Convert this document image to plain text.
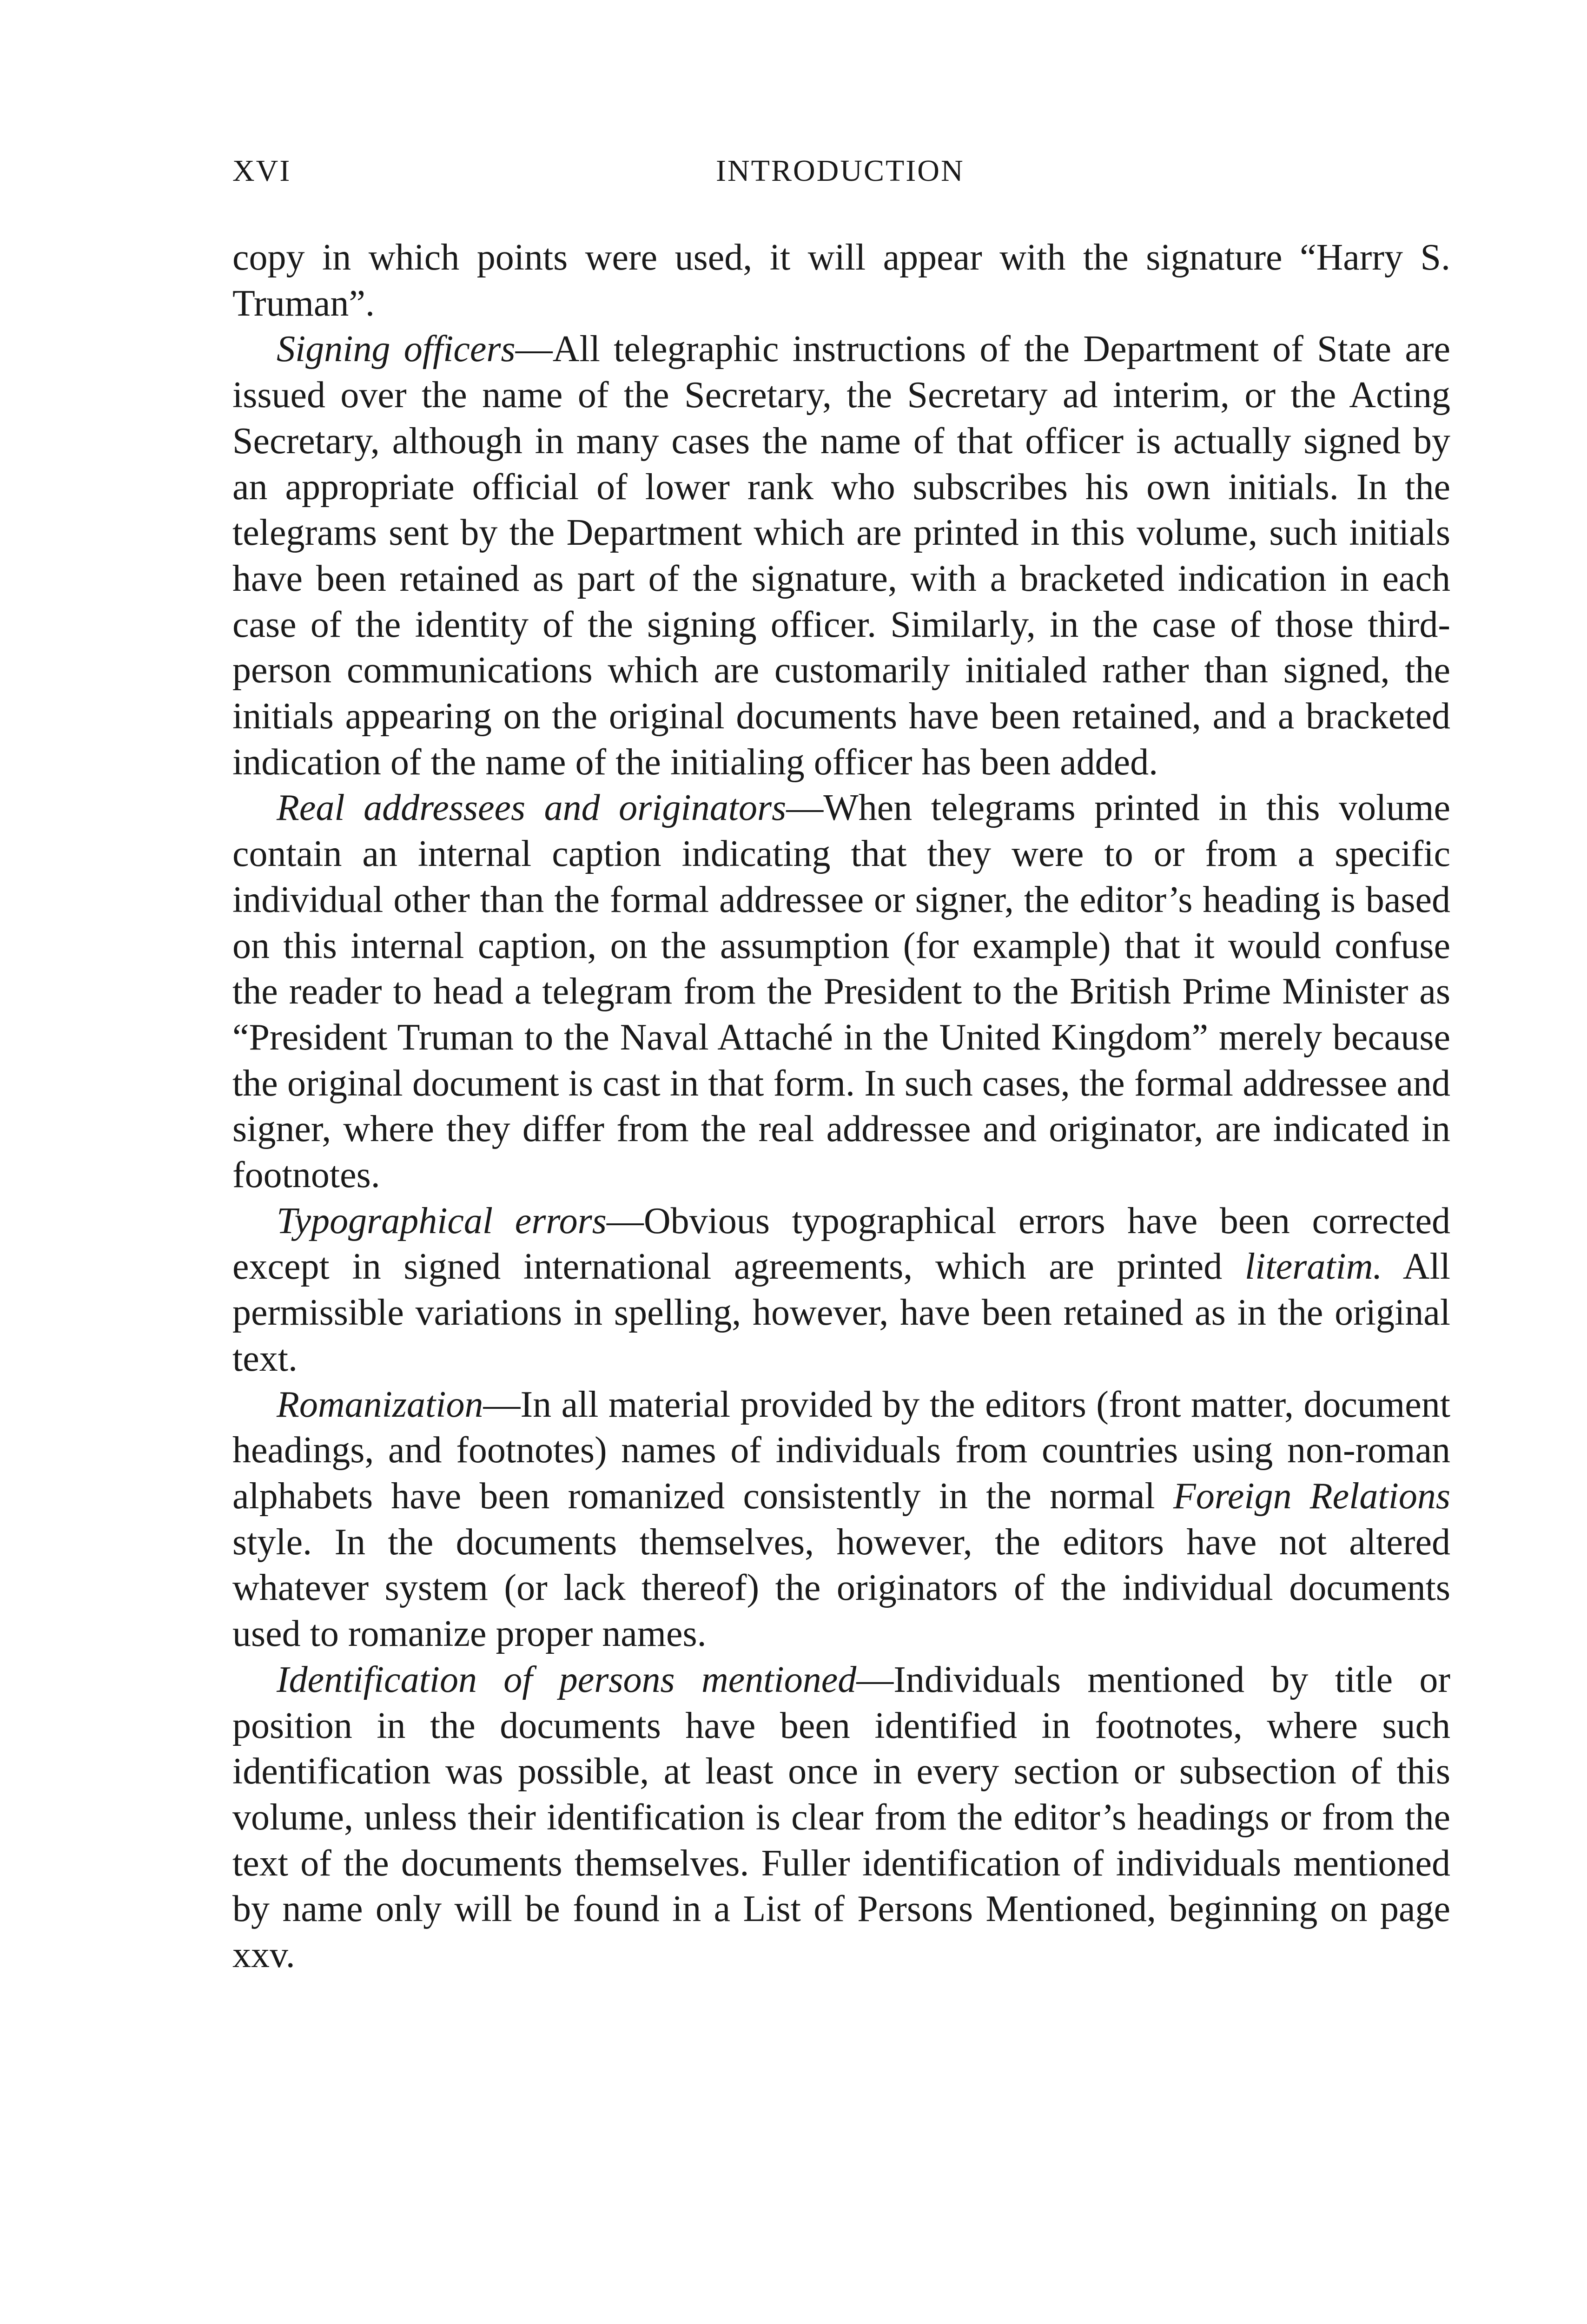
XVI	INTRODUCTION

copy in which points were used, it will appear with the signature “Harry S. Truman”.

Signing officers—All telegraphic instructions of the Department of State are issued over the name of the Secretary, the Secretary ad interim, or the Acting Secretary, although in many cases the name of that officer is actually signed by an appropriate official of lower rank who subscribes his own initials. In the telegrams sent by the Department which are printed in this volume, such initials have been retained as part of the signature, with a bracketed indication in each case of the identity of the signing officer. Similarly, in the case of those third-person communications which are customarily initialed rather than signed, the initials appearing on the original documents have been retained, and a bracketed indication of the name of the initialing officer has been added.

Real addressees and originators—When telegrams printed in this volume contain an internal caption indicating that they were to or from a specific individual other than the formal addressee or signer, the editor’s heading is based on this internal caption, on the assumption (for example) that it would confuse the reader to head a telegram from the President to the British Prime Minister as “President Truman to the Naval Attaché in the United Kingdom” merely because the original document is cast in that form. In such cases, the formal addressee and signer, where they differ from the real addressee and originator, are indicated in footnotes.

Typographical errors—Obvious typographical errors have been corrected except in signed international agreements, which are printed literatim. All permissible variations in spelling, however, have been retained as in the original text.

Romanization—In all material provided by the editors (front matter, document headings, and footnotes) names of individuals from countries using non-roman alphabets have been romanized consistently in the normal Foreign Relations style. In the documents themselves, however, the editors have not altered whatever system (or lack thereof) the originators of the individual documents used to romanize proper names.

Identification of persons mentioned—Individuals mentioned by title or position in the documents have been identified in footnotes, where such identification was possible, at least once in every section or subsection of this volume, unless their identification is clear from the editor’s headings or from the text of the documents themselves. Fuller identification of individuals mentioned by name only will be found in a List of Persons Mentioned, beginning on page xxv.
